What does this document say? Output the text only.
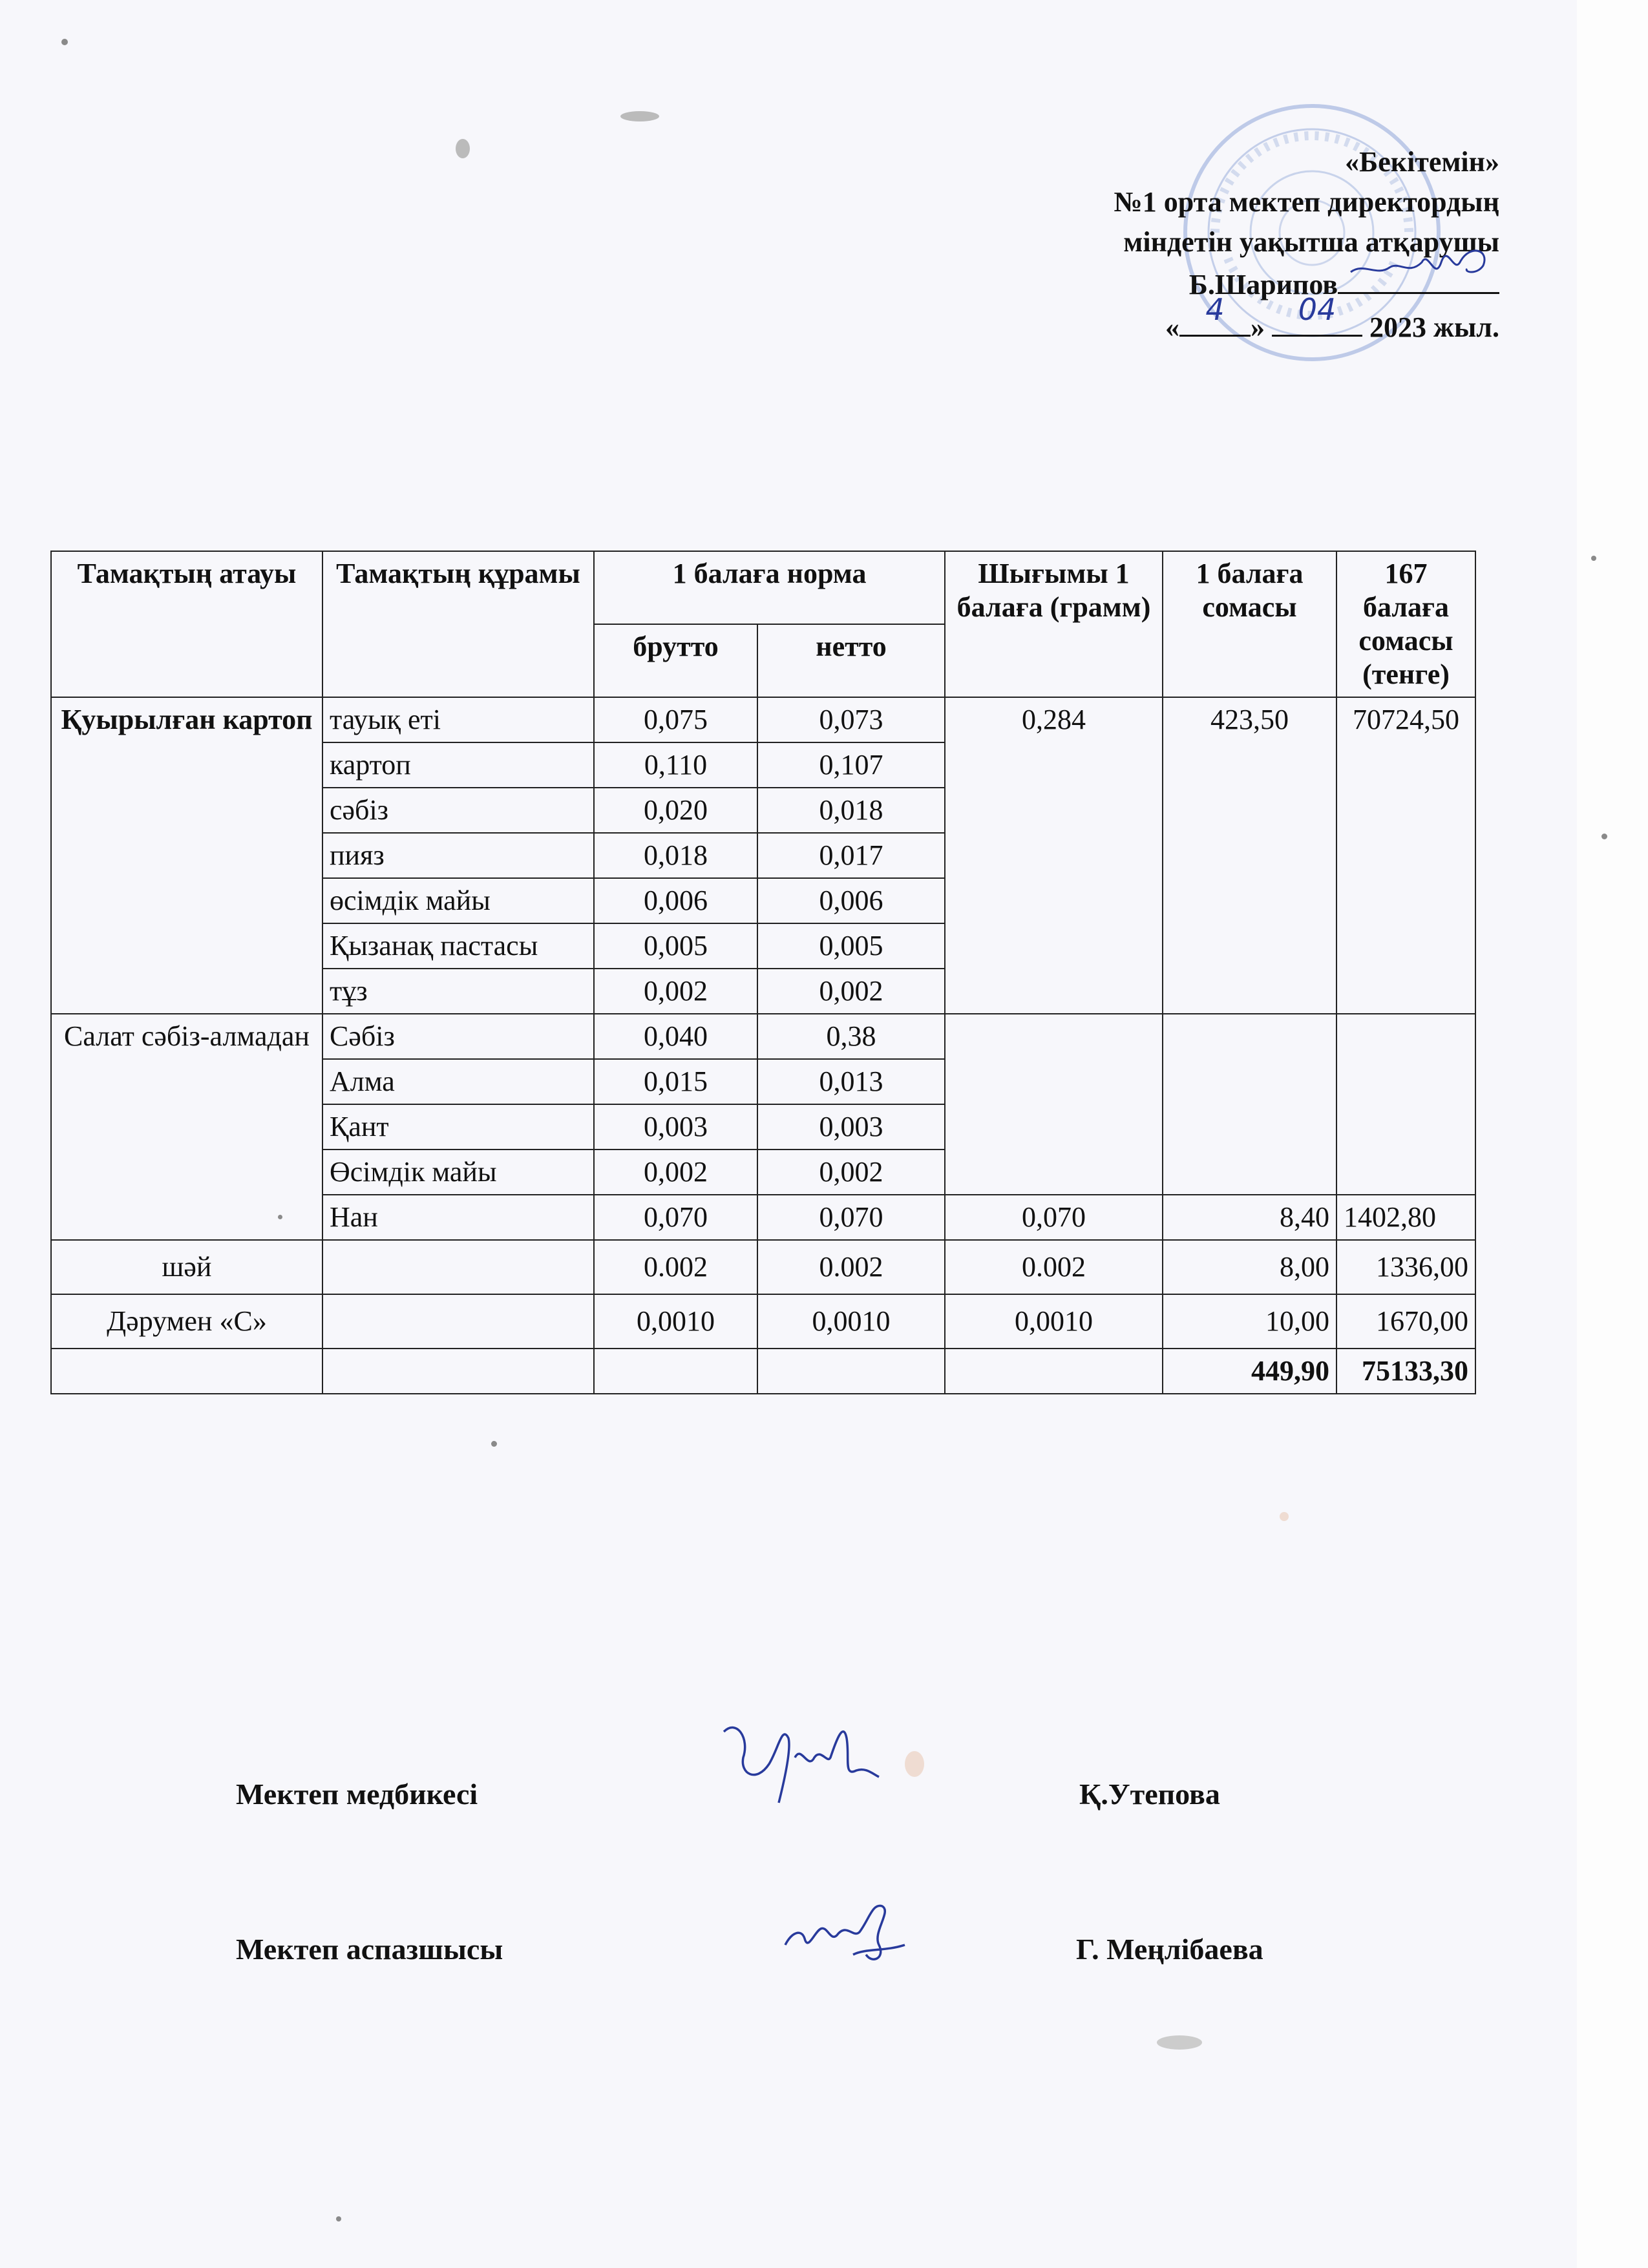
«Бекітемін»
№1 орта мектеп директордың
міндетін уақытша атқарушы
Б.Шарипов
«
4
»
04
2023 жыл.
Тамақтың атауы	Тамақтың құрамы	1 балаға норма		Шығымы 1 балаға (грамм)	1 балаға сомасы	167 балаға сомасы (тенге)
		брутто	нетто			
Қуырылған картоп	тауық еті	0,075	0,073	0,284	423,50	70724,50
	картоп	0,110	0,107			
	сәбіз	0,020	0,018			
	пияз	0,018	0,017			
	өсімдік майы	0,006	0,006			
	Қызанақ пастасы	0,005	0,005			
	тұз	0,002	0,002			
Салат сәбіз-алмадан	Сәбіз	0,040	0,38			
	Алма	0,015	0,013			
	Қант	0,003	0,003			
	Өсімдік майы	0,002	0,002			
	Нан	0,070	0,070	0,070	8,40	1402,80
шәй		0.002	0.002	0.002	8,00	1336,00
Дәрумен «С»		0,0010	0,0010	0,0010	10,00	1670,00
					449,90	75133,30
Мектеп медбикесі	Қ.Утепова
Мектеп аспазшысы	Г. Меңлібаева
